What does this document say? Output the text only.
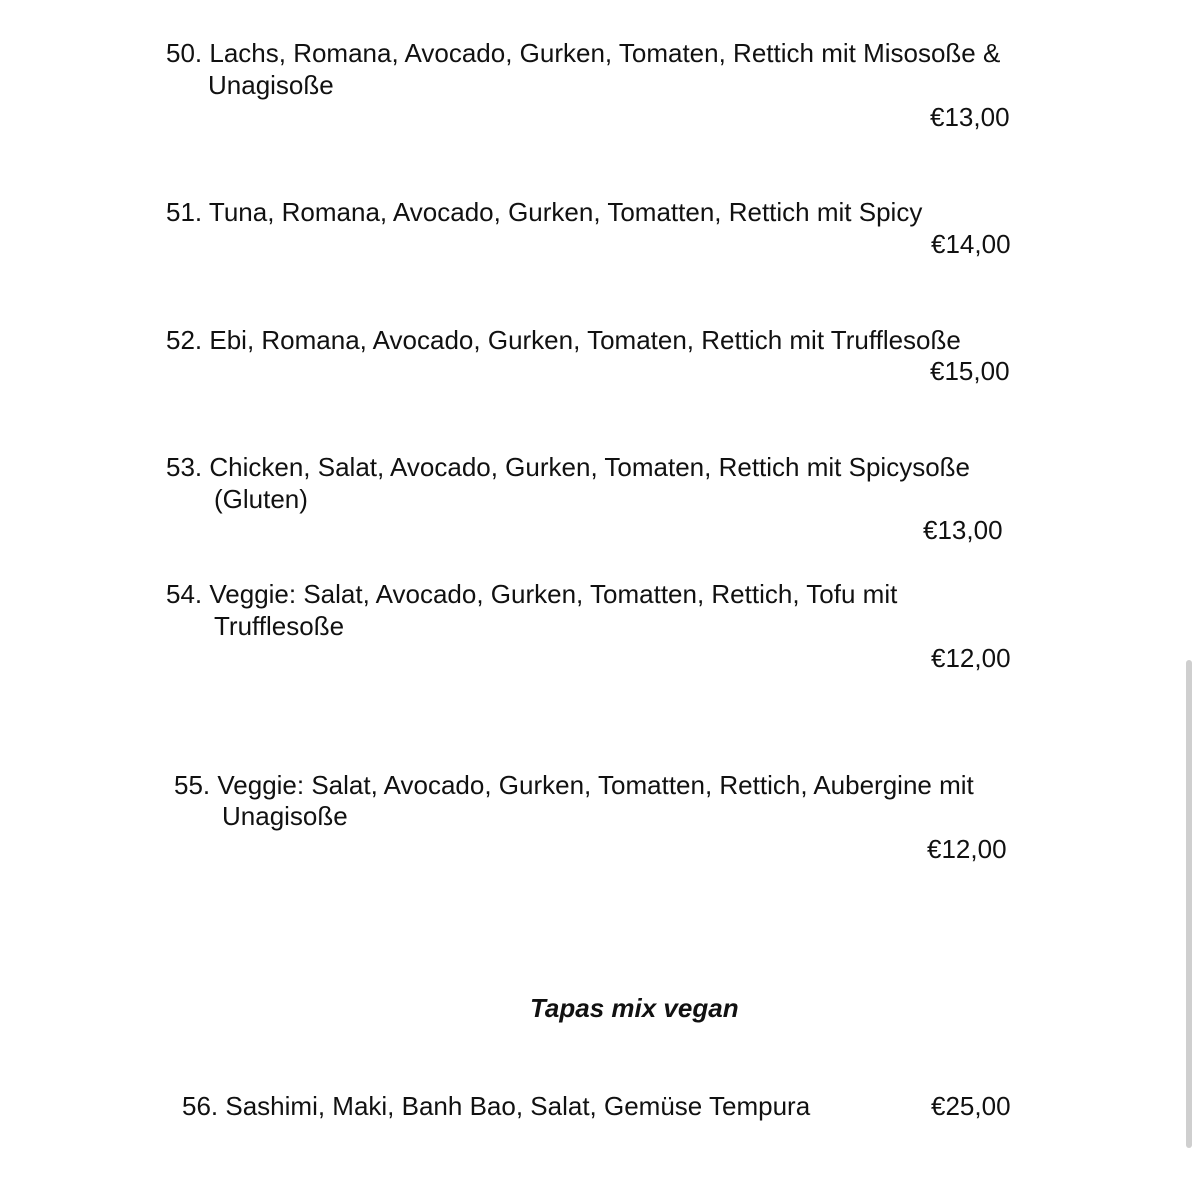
50. Lachs, Romana, Avocado, Gurken, Tomaten, Rettich mit Misosoße &
Unagisoße
€13,00
51. Tuna, Romana, Avocado, Gurken, Tomatten, Rettich mit Spicy
€14,00
52. Ebi, Romana, Avocado, Gurken, Tomaten, Rettich mit Trufflesoße
€15,00
53. Chicken, Salat, Avocado, Gurken, Tomaten, Rettich mit Spicysoße
(Gluten)
€13,00
54. Veggie: Salat, Avocado, Gurken, Tomatten, Rettich, Tofu mit
Trufflesoße
€12,00
55. Veggie: Salat, Avocado, Gurken, Tomatten, Rettich, Aubergine mit
Unagisoße
€12,00
Tapas mix vegan
56. Sashimi, Maki, Banh Bao, Salat, Gemüse Tempura	€25,00
